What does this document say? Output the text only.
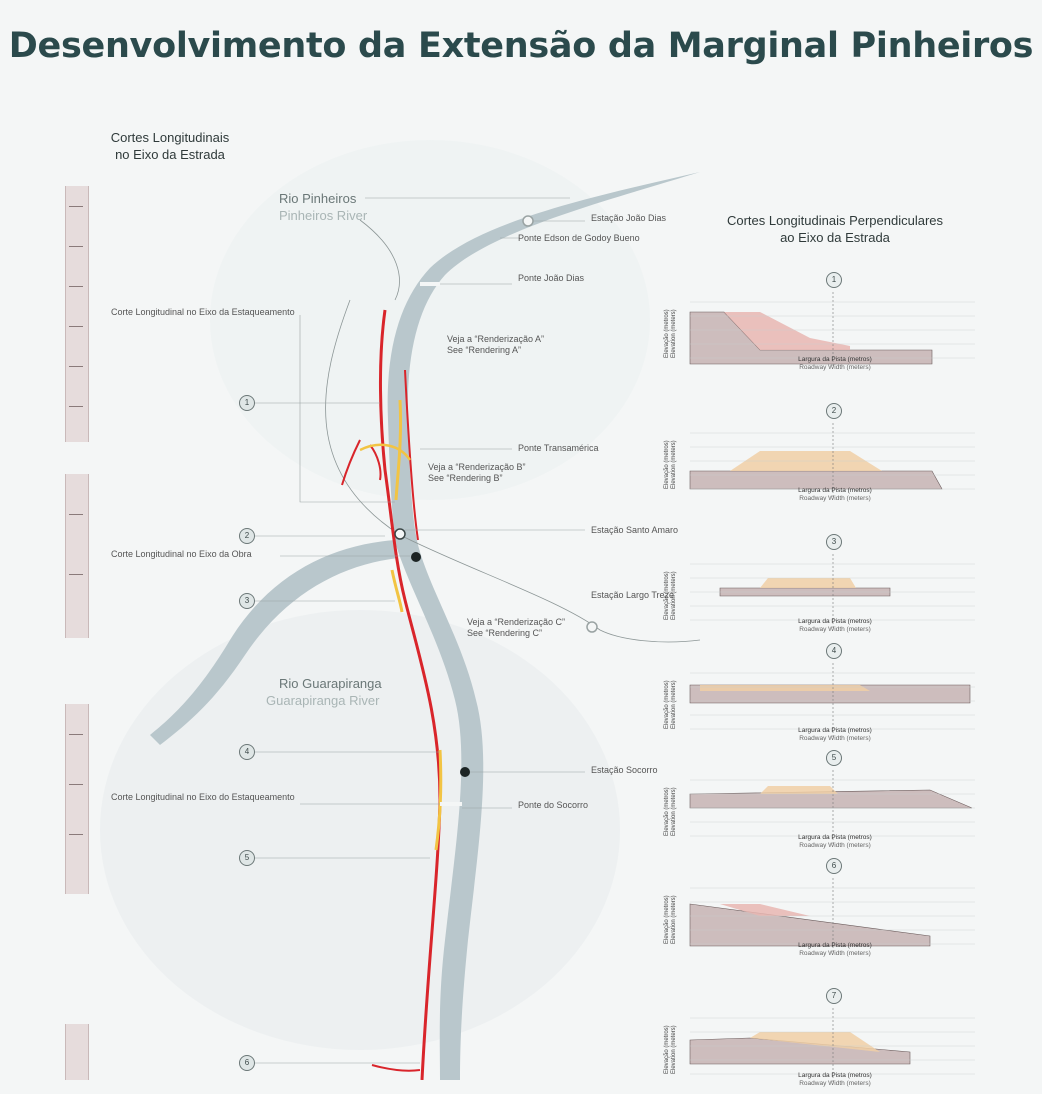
Desenvolvimento da Extensão da Marginal Pinheiros
Cortes Longitudinais
no Eixo da Estrada
Cortes Longitudinais Perpendiculares
ao Eixo da Estrada
Rio Pinheiros
Pinheiros River
Rio Guarapiranga
Guarapiranga River
Estação João Dias
Ponte Edson de Godoy Bueno
Ponte João Dias
Corte Longitudinal no Eixo da Estaqueamento
Veja a “Renderização A”
See “Rendering A”
Ponte Transamérica
Veja a “Renderização B”
See “Rendering B”
Estação Santo Amaro
Corte Longitudinal no Eixo da Obra
Estação Largo Treze
Veja a “Renderização C”
See “Rendering C”
Estação Socorro
Corte Longitudinal no Eixo do Estaqueamento
Ponte do Socorro
1
2
3
4
5
6
1
Elevação (metros) Elevation (meters)
Largura da Pista (metros)
Roadway Width (meters)
2
Elevação (metros) Elevation (meters)
Largura da Pista (metros)
Roadway Width (meters)
3
Elevação (metros) Elevation (meters)
Largura da Pista (metros)
Roadway Width (meters)
4
Elevação (metros) Elevation (meters)
Largura da Pista (metros)
Roadway Width (meters)
5
Elevação (metros) Elevation (meters)
Largura da Pista (metros)
Roadway Width (meters)
6
Elevação (metros) Elevation (meters)
Largura da Pista (metros)
Roadway Width (meters)
7
Elevação (metros) Elevation (meters)
Largura da Pista (metros)
Roadway Width (meters)
